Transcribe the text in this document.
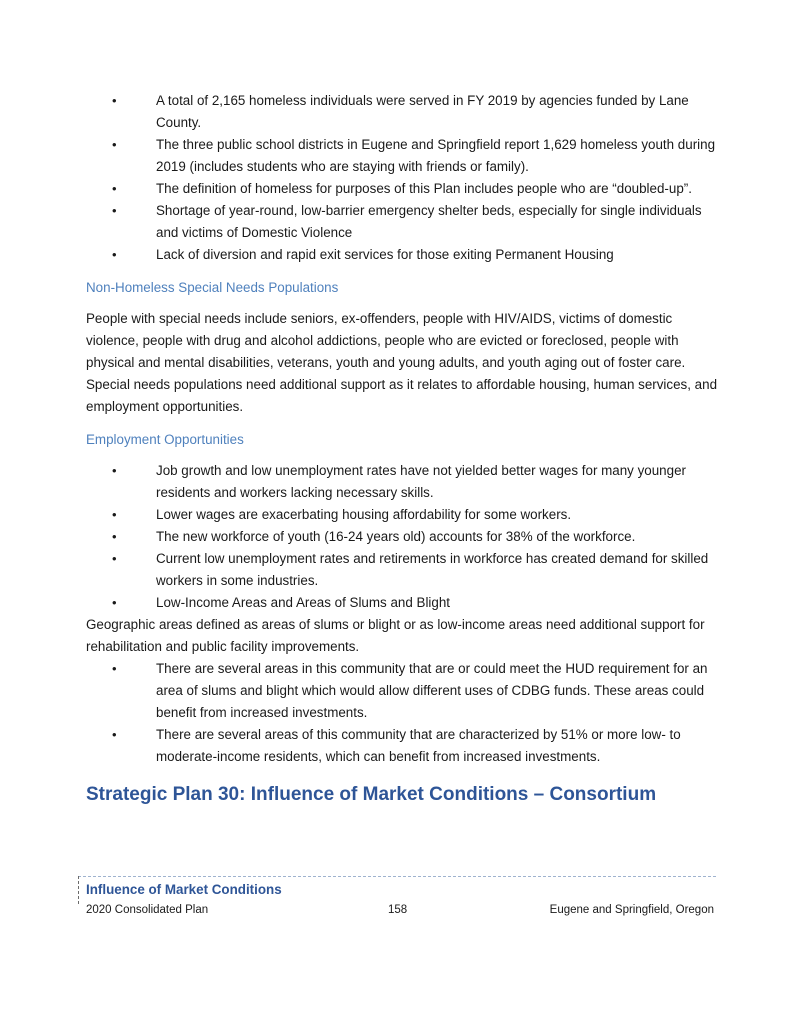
•	A total of 2,165 homeless individuals were served in FY 2019 by agencies funded by Lane County.
•	The three public school districts in Eugene and Springfield report 1,629 homeless youth during 2019 (includes students who are staying with friends or family).
•	The definition of homeless for purposes of this Plan includes people who are “doubled-up”.
•	Shortage of year-round, low-barrier emergency shelter beds, especially for single individuals and victims of Domestic Violence
•	Lack of diversion and rapid exit services for those exiting Permanent Housing
Non-Homeless Special Needs Populations

People with special needs include seniors, ex-offenders, people with HIV/AIDS, victims of domestic violence, people with drug and alcohol addictions, people who are evicted or foreclosed, people with physical and mental disabilities, veterans, youth and young adults, and youth aging out of foster care. Special needs populations need additional support as it relates to affordable housing, human services, and employment opportunities.

Employment Opportunities
•	Job growth and low unemployment rates have not yielded better wages for many younger residents and workers lacking necessary skills.
•	Lower wages are exacerbating housing affordability for some workers.
•	The new workforce of youth (16-24 years old) accounts for 38% of the workforce.
•	Current low unemployment rates and retirements in workforce has created demand for skilled workers in some industries.
•	Low-Income Areas and Areas of Slums and Blight

Geographic areas defined as areas of slums or blight or as low-income areas need additional support for rehabilitation and public facility improvements.

•	There are several areas in this community that are or could meet the HUD requirement for an area of slums and blight which would allow different uses of CDBG funds. These areas could benefit from increased investments.
•	There are several areas of this community that are characterized by 51% or more low- to moderate-income residents, which can benefit from increased investments.
Strategic Plan 30: Influence of Market Conditions – Consortium
Influence of Market Conditions
2020 Consolidated Plan	158	Eugene and Springfield, Oregon
